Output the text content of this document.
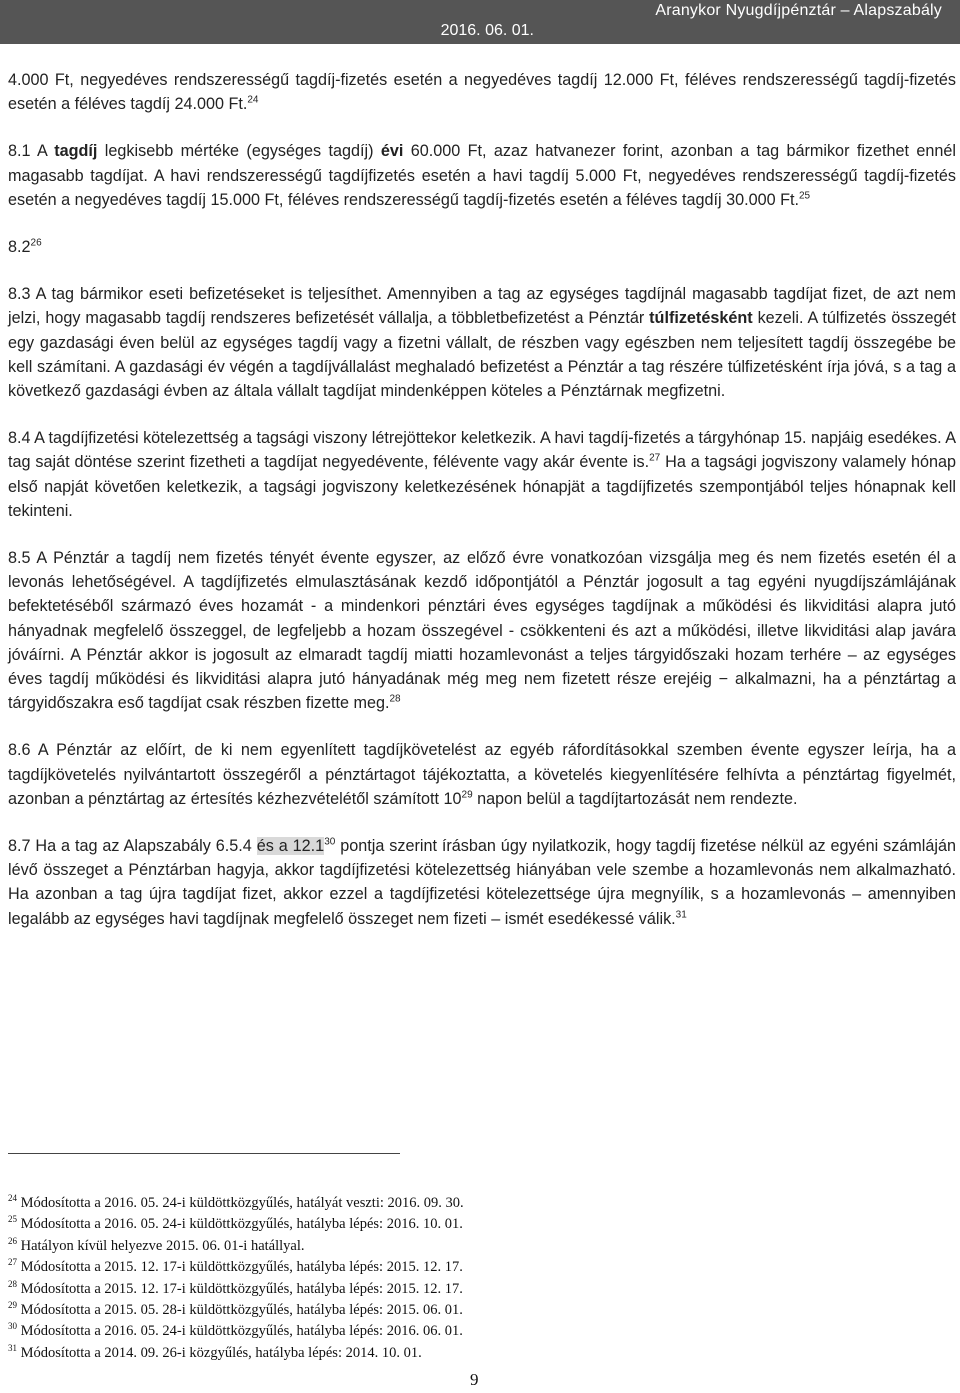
Aranykor Nyugdíjpénztár – Alapszabály
2016. 06. 01.

4.000 Ft, negyedéves rendszerességű tagdíj-fizetés esetén a negyedéves tagdíj 12.000 Ft, féléves rendszerességű tagdíj-fizetés esetén a féléves tagdíj 24.000 Ft.$^{24}$

8.1 A tagdíj legkisebb mértéke (egységes tagdíj) évi 60.000 Ft, azaz hatvanezer forint, azonban a tag bármikor fizethet ennél magasabb tagdíjat. A havi rendszerességű tagdíjfizetés esetén a havi tagdíj 5.000 Ft, negyedéves rendszerességű tagdíj-fizetés esetén a negyedéves tagdíj 15.000 Ft, féléves rendszerességű tagdíj-fizetés esetén a féléves tagdíj 30.000 Ft.$^{25}$

$8.2^{26}$

8.3 A tag bármikor eseti befizetéseket is teljesíthet. Amennyiben a tag az egységes tagdíjnál magasabb tagdíjat fizet, de azt nem jelzi, hogy magasabb tagdíj rendszeres befizetését vállalja, a többletbefizetést a Pénztár túlfizetésként kezeli. A túlfizetés összegét egy gazdasági éven belül az egységes tagdíj vagy a fizetni vállalt, de részben vagy egészben nem teljesített tagdíj összegébe be kell számítani. A gazdasági év végén a tagdíjvállalást meghaladó befizetést a Pénztár a tag részére túlfizetésként írja jóvá, s a tag a következő gazdasági évben az általa vállalt tagdíjat mindenképpen köteles a Pénztárnak megfizetni.

8.4 A tagdíjfizetési kötelezettség a tagsági viszony létrejöttekor keletkezik. A havi tagdíj-fizetés a tárgyhónap 15. napjáig esedékes. A tag saját döntése szerint fizetheti a tagdíjat negyedévente, félévente vagy akár évente is.$^{27}$ Ha a tagsági jogviszony valamely hónap első napját követően keletkezik, a tagsági jogviszony keletkezésének hónapjät a tagdíjfizetés szempontjából teljes hónapnak kell tekinteni.

8.5 A Pénztár a tagdíj nem fizetés tényét évente egyszer, az előző évre vonatkozóan vizsgálja meg és nem fizetés esetén él a levonás lehetőségével. A tagdíjfizetés elmulasztásának kezdő időpontjától a Pénztár jogosult a tag egyéni nyugdíjszámlájának befektetéséből származó éves hozamát - a mindenkori pénztári éves egységes tagdíjnak a működési és likviditási alapra jutó hányadnak megfelelő összeggel, de legfeljebb a hozam összegével - csökkenteni és azt a működési, illetve likviditási alap javára jóváírni. A Pénztár akkor is jogosult az elmaradt tagdíj miatti hozamlevonást a teljes tárgyidőszaki hozam terhére – az egységes éves tagdíj működési és likviditási alapra jutó hányadának még meg nem fizetett része erejéig − alkalmazni, ha a pénztártag a tárgyidőszakra eső tagdíjat csak részben fizette meg.$^{28}$

8.6 A Pénztár az előírt, de ki nem egyenlített tagdíjkövetelést az egyéb ráfordításokkal szemben évente egyszer leírja, ha a tagdíjkövetelés nyilvántartott összegéről a pénztártagot tájékoztatta, a követelés kiegyenlítésére felhívta a pénztártag figyelmét, azonban a pénztártag az értesítés kézhezvételétől számított $10^{29}$ napon belül a tagdíjtartozását nem rendezte.

8.7 Ha a tag az Alapszabály 6.5.4 és a 12.1$^{30}$ pontja szerint írásban úgy nyilatkozik, hogy tagdíj fizetése nélkül az egyéni számláján lévő összeget a Pénztárban hagyja, akkor tagdíjfizetési kötelezettség hiányában vele szembe a hozamlevonás nem alkalmazható. Ha azonban a tag újra tagdíjat fizet, akkor ezzel a tagdíjfizetési kötelezettsége újra megnyílik, s a hozamlevonás – amennyiben legalább az egységes havi tagdíjnak megfelelő összeget nem fizeti – ismét esedékessé válik.$^{31}$

$^{24}$ Módosította a 2016. 05. 24-i küldöttközgyűlés, hatályát veszti: 2016. 09. 30.
$^{25}$ Módosította a 2016. 05. 24-i küldöttközgyűlés, hatályba lépés: 2016. 10. 01.
$^{26}$ Hatályon kívül helyezve 2015. 06. 01-i hatállyal.
$^{27}$ Módosította a 2015. 12. 17-i küldöttközgyűlés, hatályba lépés: 2015. 12. 17.
$^{28}$ Módosította a 2015. 12. 17-i küldöttközgyűlés, hatályba lépés: 2015. 12. 17.
$^{29}$ Módosította a 2015. 05. 28-i küldöttközgyűlés, hatályba lépés: 2015. 06. 01.
$^{30}$ Módosította a 2016. 05. 24-i küldöttközgyűlés, hatályba lépés: 2016. 06. 01.
$^{31}$ Módosította a 2014. 09. 26-i közgyűlés, hatályba lépés: 2014. 10. 01.
9
